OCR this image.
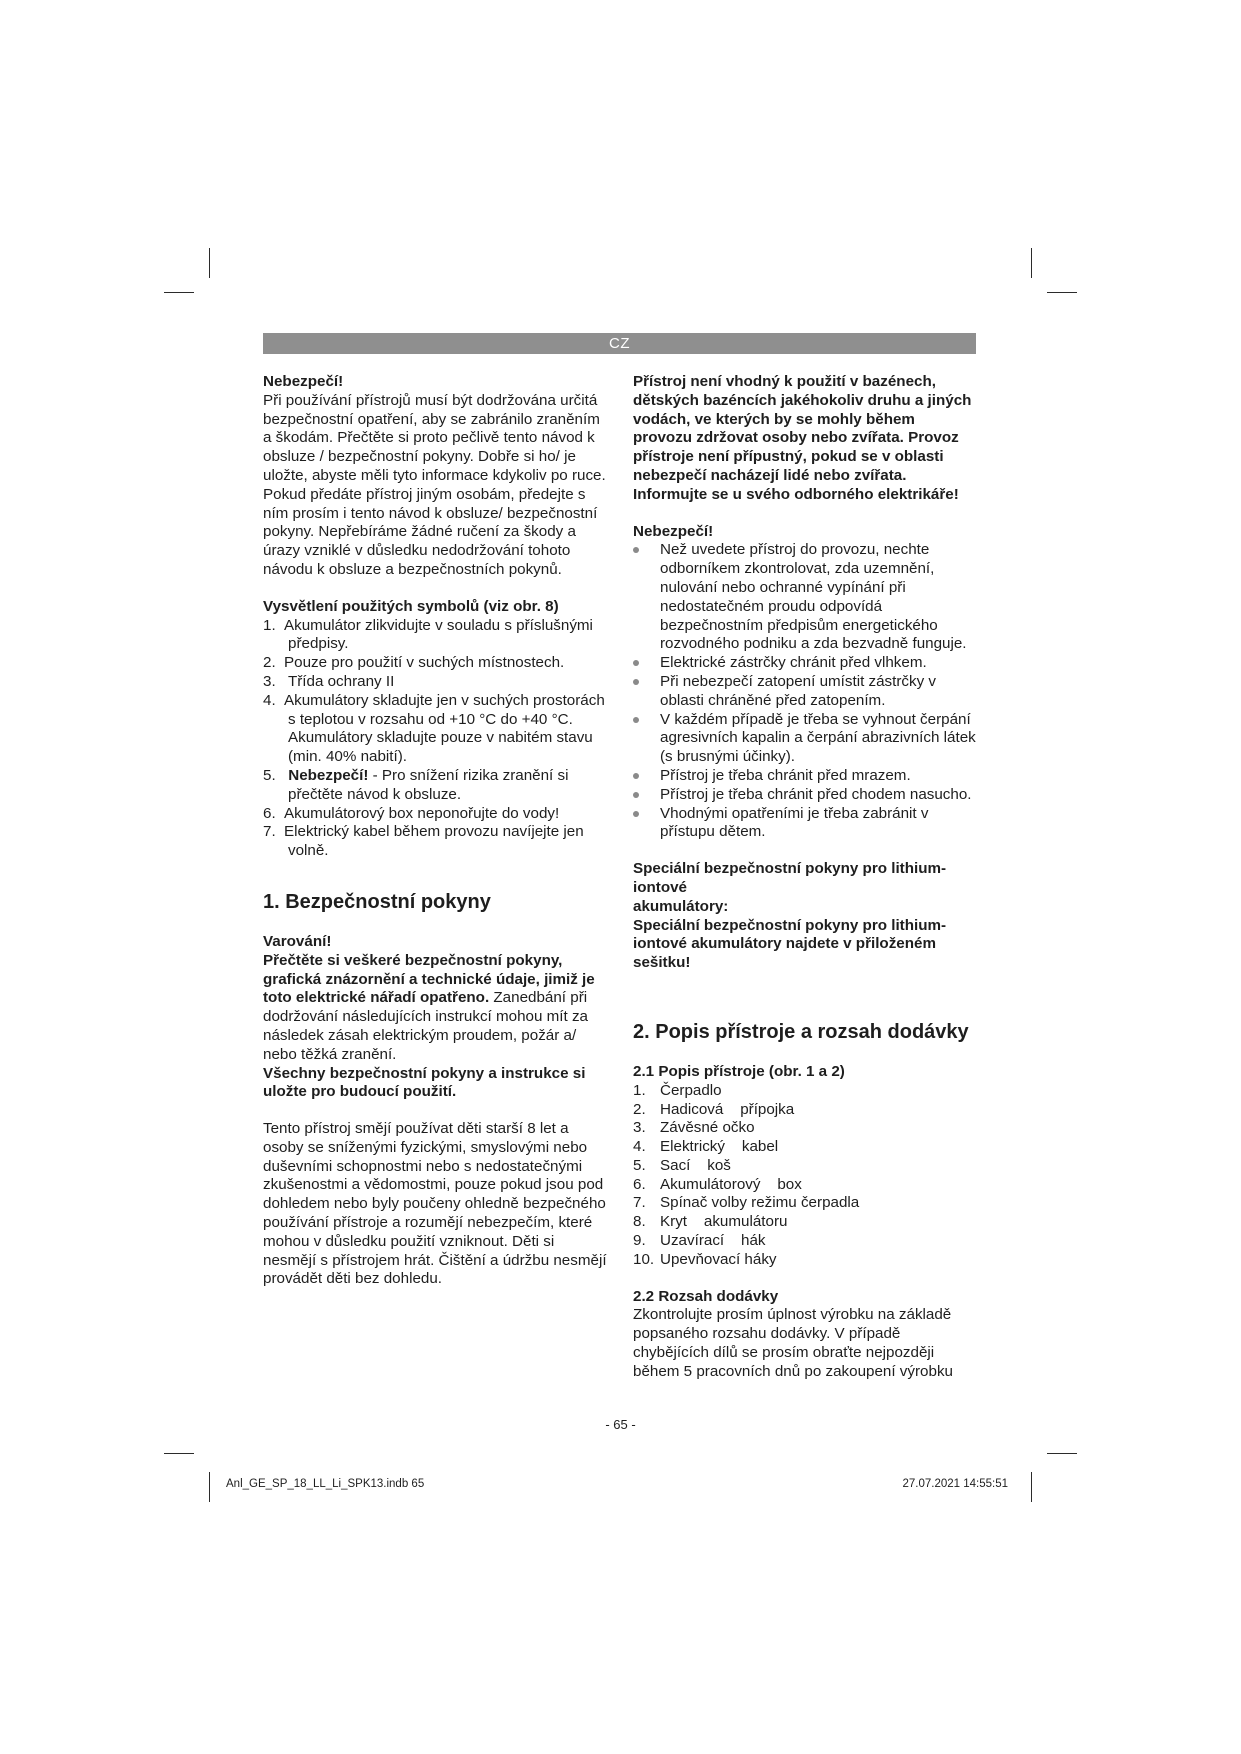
CZ

Nebezpečí!

Při používání přístrojů musí být dodržována určitá bezpečnostní opatření, aby se zabránilo zraněním a škodám. Přečtěte si proto pečlivě tento návod k obsluze / bezpečnostní pokyny. Dobře si ho/ je uložte, abyste měli tyto informace kdykoliv po ruce. Pokud předáte přístroj jiným osobám, předejte s ním prosím i tento návod k obsluze/ bezpečnostní pokyny. Nepřebíráme žádné ručení za škody a úrazy vzniklé v důsledku nedodržování tohoto návodu k obsluze a bezpečnostních pokynů.

Vysvětlení použitých symbolů (viz obr. 8)

1. Akumulátor zlikvidujte v souladu s příslušnými předpisy.
2. Pouze pro použití v suchých místnostech.
3. Třída ochrany II
4. Akumulátory skladujte jen v suchých prostorách s teplotou v rozsahu od +10 °C do +40 °C. Akumulátory skladujte pouze v nabitém stavu (min. 40% nabití).
5. Nebezpečí! - Pro snížení rizika zranění si přečtěte návod k obsluze.
6. Akumulátorový box neponořujte do vody!
7. Elektrický kabel během provozu navíjejte jen volně.

1. Bezpečnostní pokyny

Varování!

Přečtěte si veškeré bezpečnostní pokyny, grafická znázornění a technické údaje, jimiž je toto elektrické nářadí opatřeno. Zanedbání při dodržování následujících instrukcí mohou mít za následek zásah elektrickým proudem, požár a/ nebo těžká zranění.

Všechny bezpečnostní pokyny a instrukce si uložte pro budoucí použití.

Tento přístroj smějí používat děti starší 8 let a osoby se sníženými fyzickými, smyslovými nebo duševními schopnostmi nebo s nedostatečnými zkušenostmi a vědomostmi, pouze pokud jsou pod dohledem nebo byly poučeny ohledně bezpečného používání přístroje a rozumějí nebezpečím, které mohou v důsledku použití vzniknout. Děti si nesmějí s přístrojem hrát. Čištění a údržbu nesmějí provádět děti bez dohledu.

Přístroj není vhodný k použití v bazénech, dětských bazéncích jakéhokoliv druhu a jiných vodách, ve kterých by se mohly během provozu zdržovat osoby nebo zvířata. Provoz přístroje není přípustný, pokud se v oblasti nebezpečí nacházejí lidé nebo zvířata. Informujte se u svého odborného elektrikáře!

Nebezpečí!

Než uvedete přístroj do provozu, nechte odborníkem zkontrolovat, zda uzemnění, nulování nebo ochranné vypínání při nedostatečném proudu odpovídá bezpečnostním předpisům energetického rozvodného podniku a zda bezvadně funguje.
Elektrické zástrčky chránit před vlhkem.
Při nebezpečí zatopení umístit zástrčky v oblasti chráněné před zatopením.
V každém případě je třeba se vyhnout čerpání agresivních kapalin a čerpání abrazivních látek (s brusnými účinky).
Přístroj je třeba chránit před mrazem.
Přístroj je třeba chránit před chodem nasucho.
Vhodnými opatřeními je třeba zabránit v přístupu dětem.

Speciální bezpečnostní pokyny pro lithium-

iontové

akumulátory:

Speciální bezpečnostní pokyny pro lithium-iontové akumulátory najdete v přiloženém sešitku!

2. Popis přístroje a rozsah dodávky

2.1 Popis přístroje (obr. 1 a 2)

1. Čerpadlo
2. Hadicová    přípojka
3. Závěsné očko
4. Elektrický    kabel
5. Sací    koš
6. Akumulátorový    box
7. Spínač volby režimu čerpadla
8. Kryt    akumulátoru
9. Uzavírací    hák
10. Upevňovací háky

2.2 Rozsah dodávky

Zkontrolujte prosím úplnost výrobku na základě popsaného rozsahu dodávky. V případě chybějících dílů se prosím obraťte nejpozději během 5 pracovních dnů po zakoupení výrobku

- 65 -
Anl_GE_SP_18_LL_Li_SPK13.indb 65	27.07.2021 14:55:51
